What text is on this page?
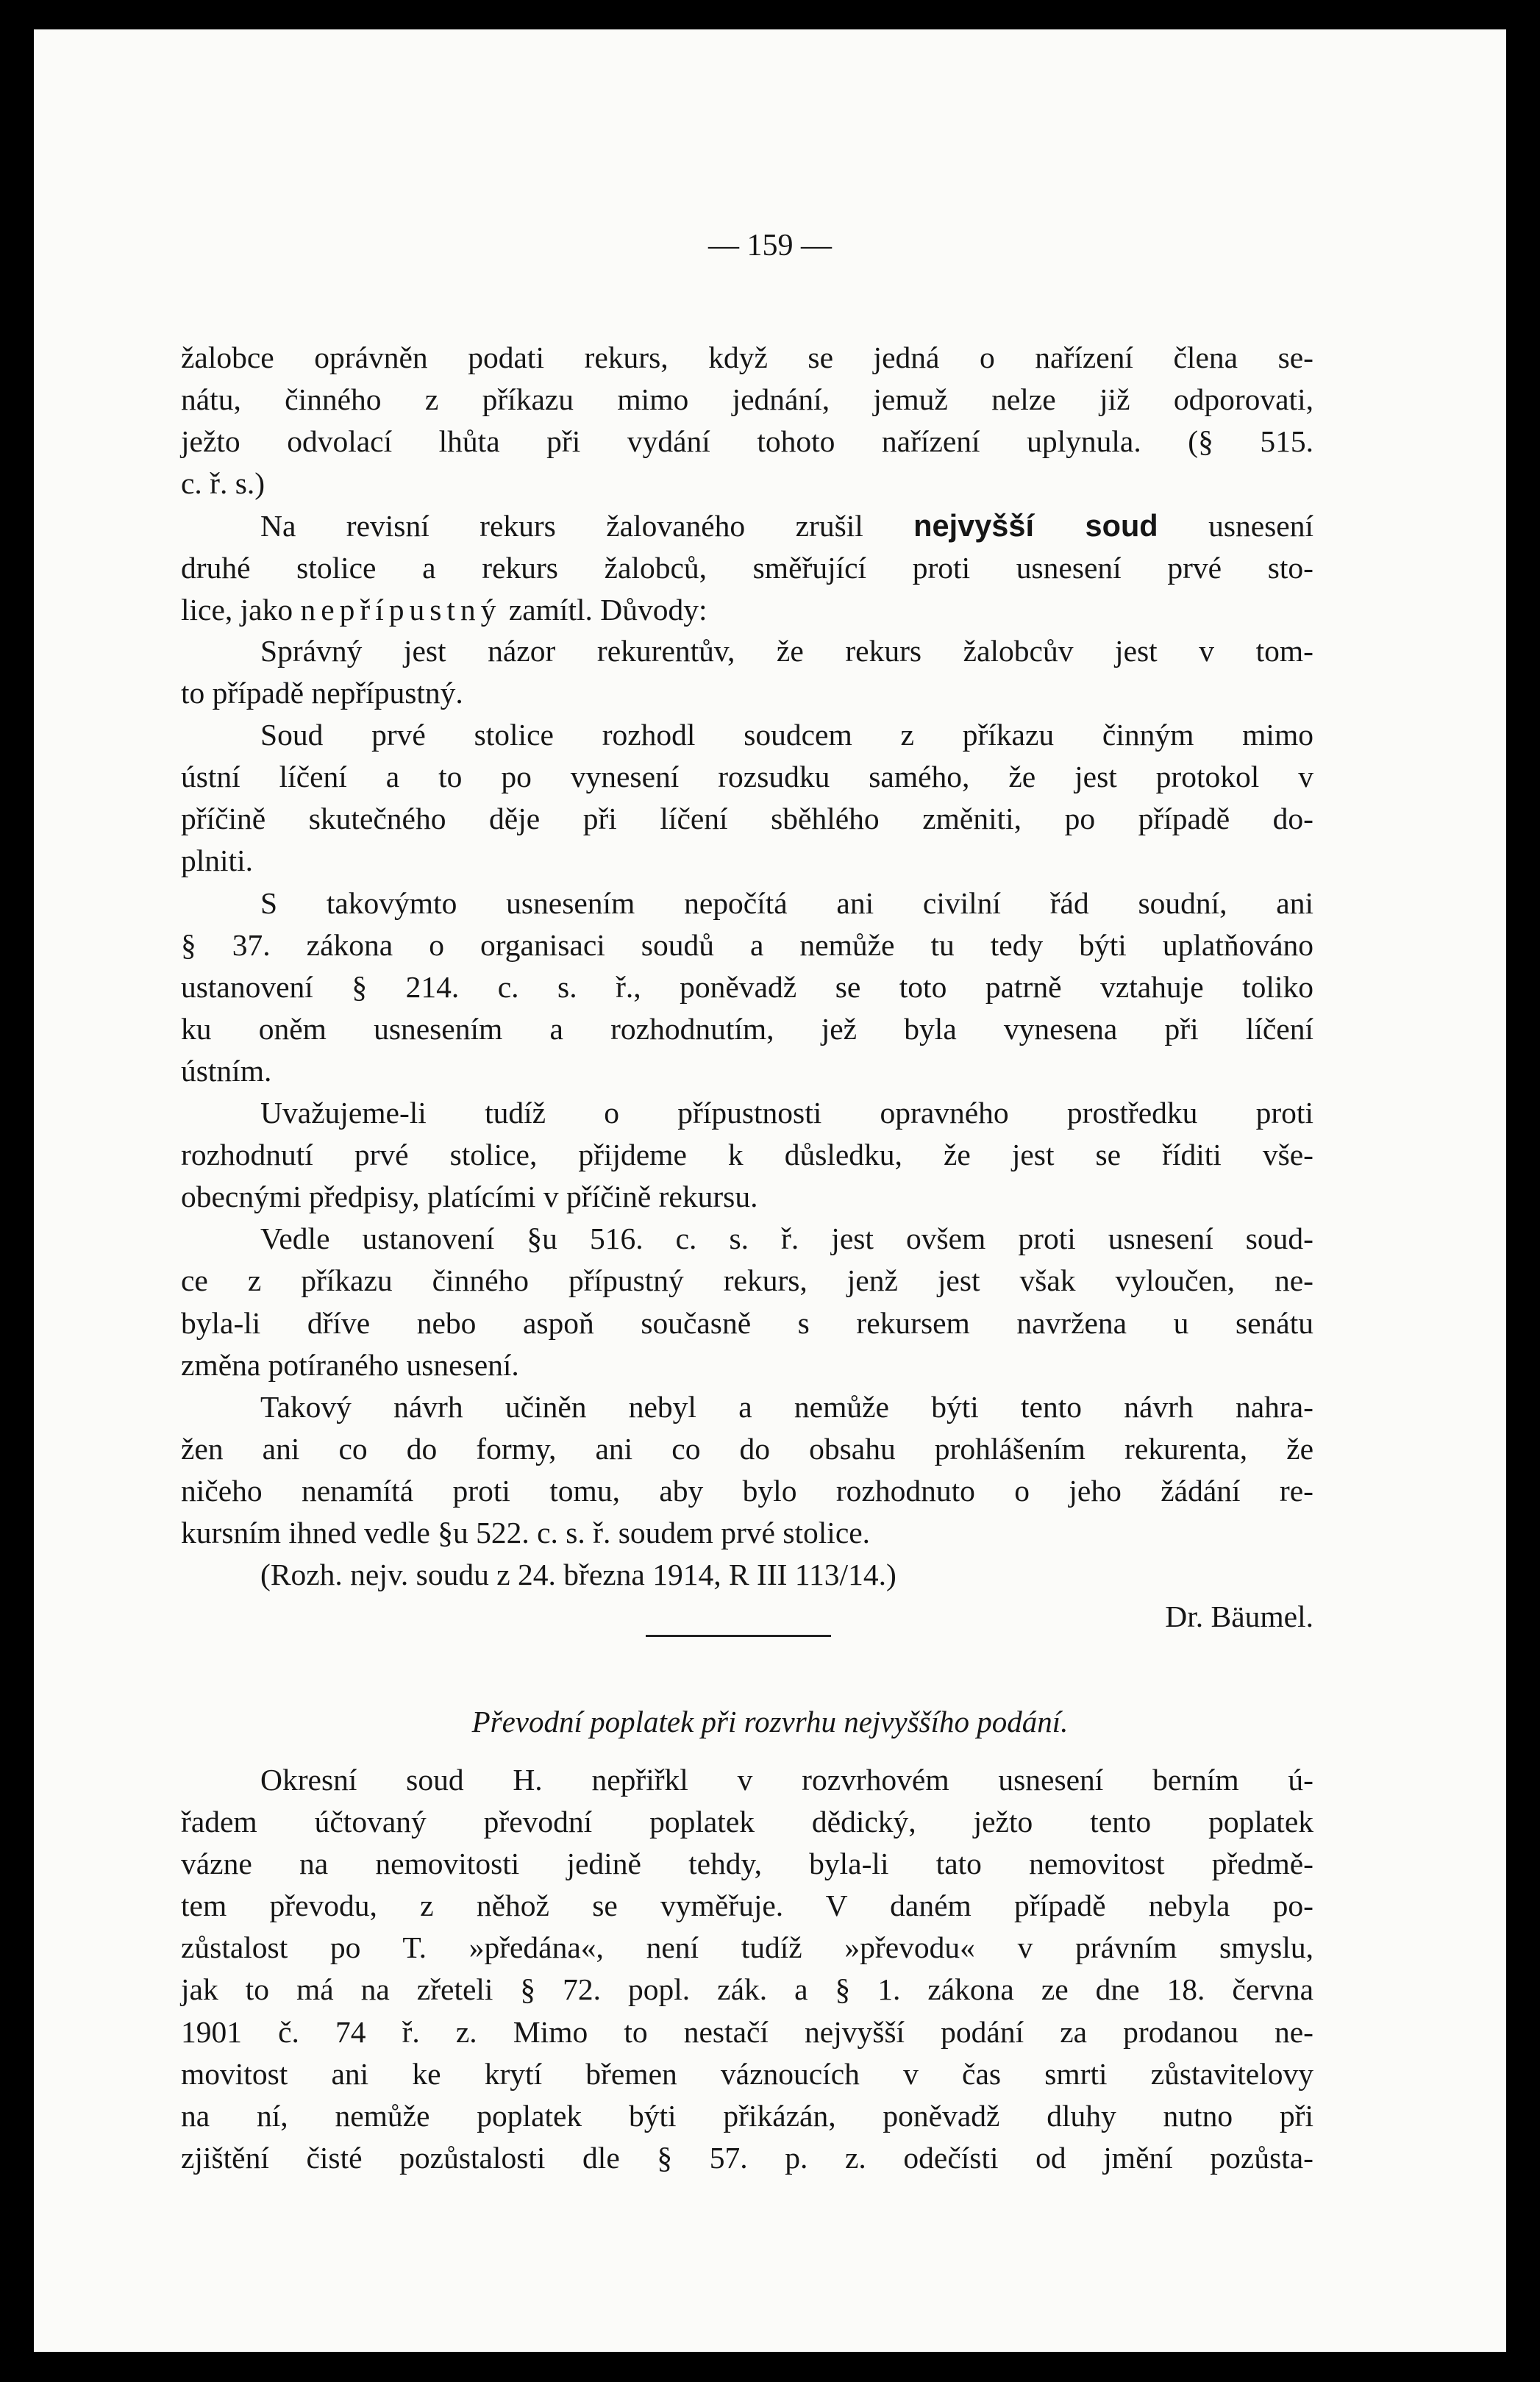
— 159 —
žalobce oprávněn podati rekurs, když se jedná o nařízení člena se-
nátu, činného z příkazu mimo jednání, jemuž nelze již odporovati,
ježto odvolací lhůta při vydání tohoto nařízení uplynula. (§ 515.
c. ř. s.)
Na revisní rekurs žalovaného zrušil nejvyšší soud usnesení
druhé stolice a rekurs žalobců, směřující proti usnesení prvé sto-
lice, jako nepřípustný zamítl. Důvody:
Správný jest názor rekurentův, že rekurs žalobcův jest v tom-
to případě nepřípustný.
Soud prvé stolice rozhodl soudcem z příkazu činným mimo
ústní líčení a to po vynesení rozsudku samého, že jest protokol v
příčině skutečného děje při líčení sběhlého změniti, po případě do-
plniti.
S takovýmto usnesením nepočítá ani civilní řád soudní, ani
§ 37. zákona o organisaci soudů a nemůže tu tedy býti uplatňováno
ustanovení § 214. c. s. ř., poněvadž se toto patrně vztahuje toliko
ku oněm usnesením a rozhodnutím, jež byla vynesena při líčení
ústním.
Uvažujeme-li tudíž o přípustnosti opravného prostředku proti
rozhodnutí prvé stolice, přijdeme k důsledku, že jest se říditi vše-
obecnými předpisy, platícími v příčině rekursu.
Vedle ustanovení §u 516. c. s. ř. jest ovšem proti usnesení soud-
ce z příkazu činného přípustný rekurs, jenž jest však vyloučen, ne-
byla-li dříve nebo aspoň současně s rekursem navržena u senátu
změna potíraného usnesení.
Takový návrh učiněn nebyl a nemůže býti tento návrh nahra-
žen ani co do formy, ani co do obsahu prohlášením rekurenta, že
ničeho nenamítá proti tomu, aby bylo rozhodnuto o jeho žádání re-
kursním ihned vedle §u 522. c. s. ř. soudem prvé stolice.
(Rozh. nejv. soudu z 24. března 1914, R III 113/14.)
Dr. Bäumel.
Převodní poplatek při rozvrhu nejvyššího podání.
Okresní soud H. nepřiřkl v rozvrhovém usnesení berním ú-
řadem účtovaný převodní poplatek dědický, ježto tento poplatek
vázne na nemovitosti jedině tehdy, byla-li tato nemovitost předmě-
tem převodu, z něhož se vyměřuje. V daném případě nebyla po-
zůstalost po T. »předána«, není tudíž »převodu« v právním smyslu,
jak to má na zřeteli § 72. popl. zák. a § 1. zákona ze dne 18. června
1901 č. 74 ř. z. Mimo to nestačí nejvyšší podání za prodanou ne-
movitost ani ke krytí břemen váznoucích v čas smrti zůstavitelovy
na ní, nemůže poplatek býti přikázán, poněvadž dluhy nutno při
zjištění čisté pozůstalosti dle § 57. p. z. odečísti od jmění pozůsta-
